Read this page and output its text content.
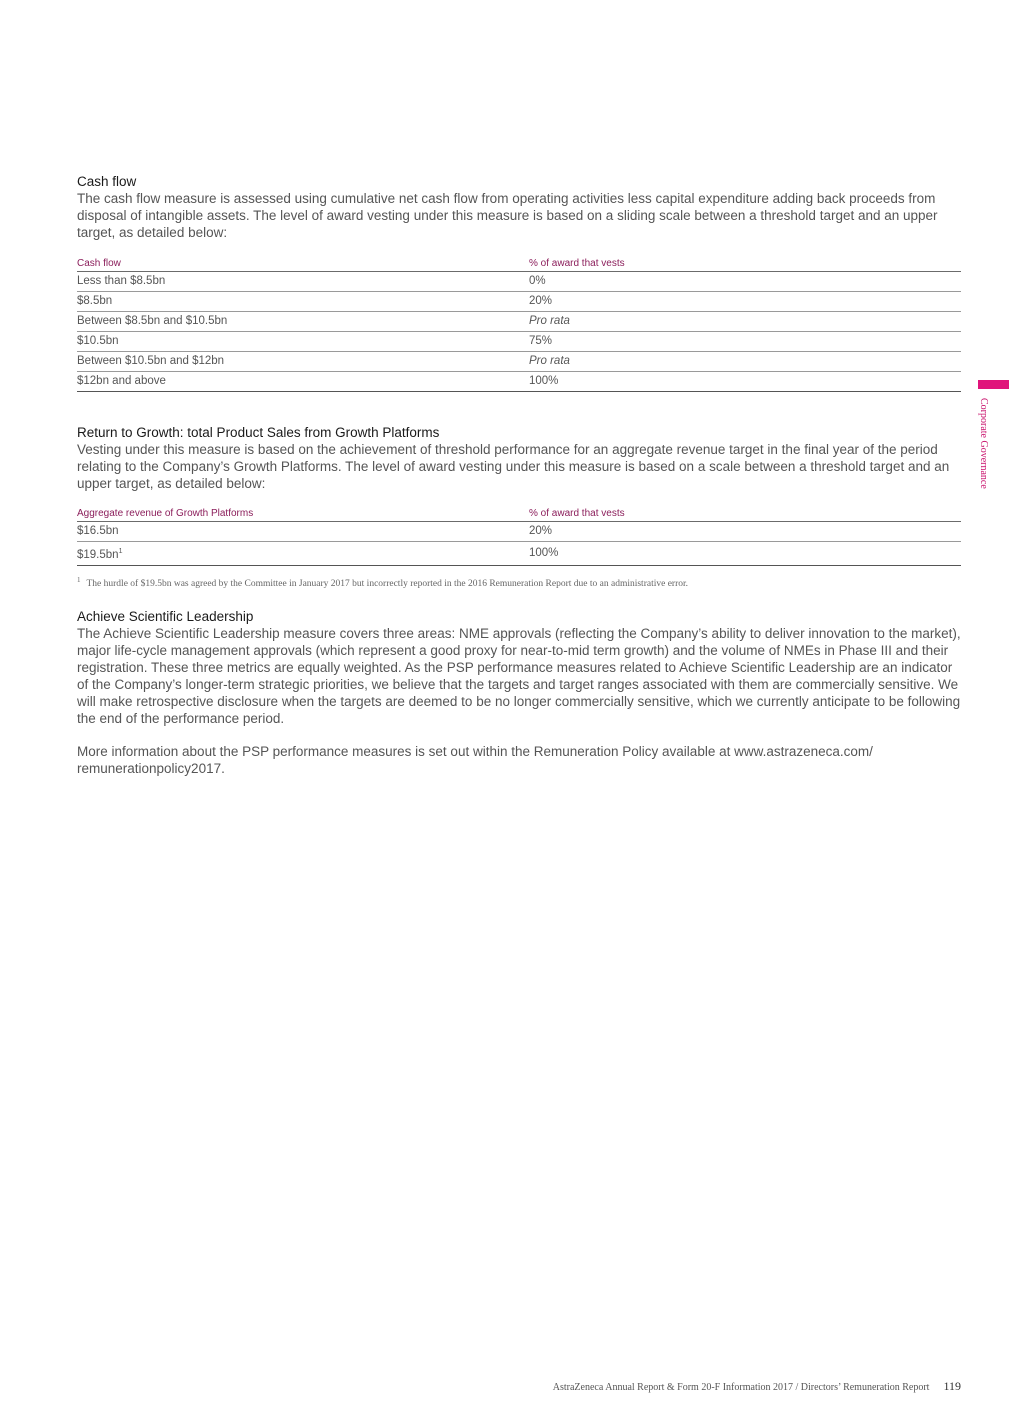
Cash flow

The cash flow measure is assessed using cumulative net cash flow from operating activities less capital expenditure adding back proceeds from disposal of intangible assets. The level of award vesting under this measure is based on a sliding scale between a threshold target and an upper target, as detailed below:

Cash flow	% of award that vests
Less than $8.5bn	0%
$8.5bn	20%
Between $8.5bn and $10.5bn	Pro rata
$10.5bn	75%
Between $10.5bn and $12bn	Pro rata
$12bn and above	100%

Return to Growth: total Product Sales from Growth Platforms

Vesting under this measure is based on the achievement of threshold performance for an aggregate revenue target in the final year of the period relating to the Company’s Growth Platforms. The level of award vesting under this measure is based on a scale between a threshold target and an upper target, as detailed below:

Aggregate revenue of Growth Platforms	% of award that vests
$16.5bn	20%
$\$19.5bn^1$	100%
$^1$ The hurdle of $19.5bn was agreed by the Committee in January 2017 but incorrectly reported in the 2016 Remuneration Report due to an administrative error.

Achieve Scientific Leadership

The Achieve Scientific Leadership measure covers three areas: NME approvals (reflecting the Company’s ability to deliver innovation to the market), major life-cycle management approvals (which represent a good proxy for near-to-mid term growth) and the volume of NMEs in Phase III and their registration. These three metrics are equally weighted. As the PSP performance measures related to Achieve Scientific Leadership are an indicator of the Company’s longer-term strategic priorities, we believe that the targets and target ranges associated with them are commercially sensitive. We will make retrospective disclosure when the targets are deemed to be no longer commercially sensitive, which we currently anticipate to be following the end of the performance period.

More information about the PSP performance measures is set out within the Remuneration Policy available at www.astrazeneca.com/ remunerationpolicy2017.

Corporate Governance
AstraZeneca Annual Report & Form 20-F Information 2017 / Directors’ Remuneration Report 119
